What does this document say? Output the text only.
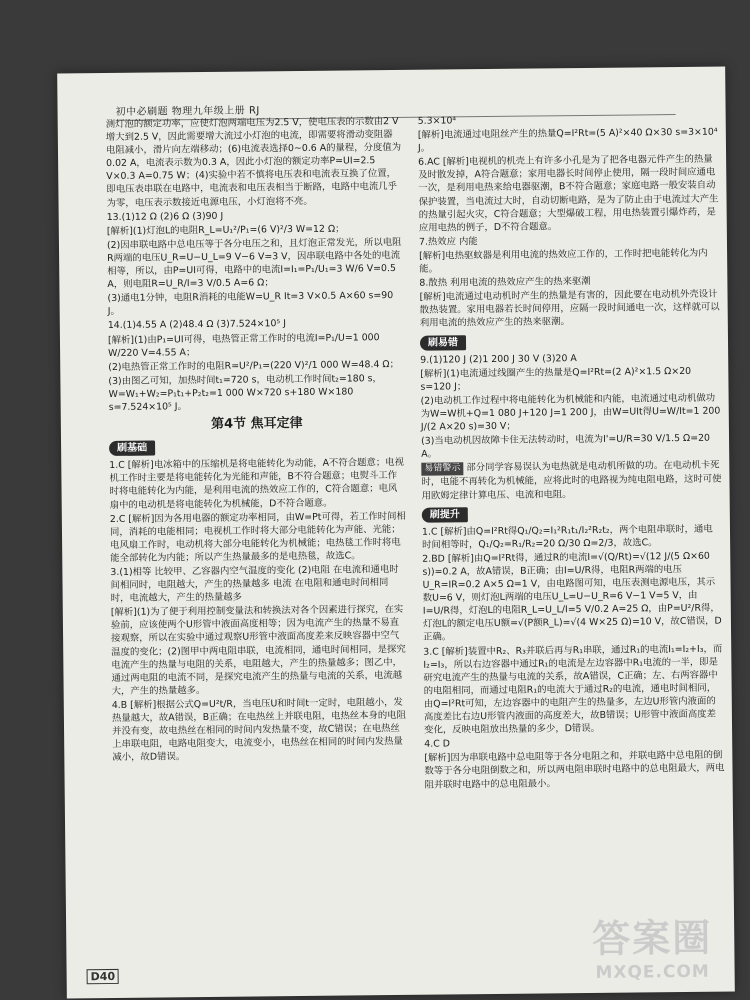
初中必刷题 物理九年级上册 RJ

测灯泡的额定功率，应使灯泡两端电压为2.5 V，使电压表的示数由2 V增大到2.5 V，因此需要增大流过小灯泡的电流，即需要将滑动变阻器电阻减小，滑片向左端移动；(6)电流表选择0~0.6 A的量程，分度值为0.02 A，电流表示数为0.3 A，因此小灯泡的额定功率P=UI=2.5 V×0.3 A=0.75 W；(4)实验中若不慎将电压表和电流表互换了位置，即电压表串联在电路中，电流表和电压表相当于断路，电路中电流几乎为零，电压表示数接近电源电压，小灯泡将不亮。

13.(1)12 Ω (2)6 Ω (3)90 J

[解析](1)灯泡L的电阻R_L=U₁²/P₁=(6 V)²/3 W=12 Ω；

(2)因串联电路中总电压等于各分电压之和，且灯泡正常发光，所以电阻R两端的电压U_R=U−U_L=9 V−6 V=3 V，因串联电路中各处的电流相等，所以，由P=UI可得，电路中的电流I=I₁=P₁/U₁=3 W/6 V=0.5 A，则电阻R=U_R/I=3 V/0.5 A=6 Ω；

(3)通电1分钟，电阻R消耗的电能W=U_R It=3 V×0.5 A×60 s=90 J。

14.(1)4.55 A (2)48.4 Ω (3)7.524×10⁵ J

[解析](1)由P₁=UI可得，电热管正常工作时的电流I=P₁/U=1 000 W/220 V=4.55 A；

(2)电热管正常工作时的电阻R=U²/P₁=(220 V)²/1 000 W=48.4 Ω；

(3)由图乙可知，加热时间t₁=720 s，电动机工作时间t₂=180 s，W=W₁+W₂=P₁t₁+P₂t₂=1 000 W×720 s+180 W×180 s=7.524×10⁵ J。

第4节 焦耳定律
刷基础

1.C [解析]电冰箱中的压缩机是将电能转化为动能，A不符合题意；电视机工作时主要是将电能转化为光能和声能，B不符合题意；电熨斗工作时将电能转化为内能，是利用电流的热效应工作的，C符合题意；电风扇中的电动机是将电能转化为机械能，D不符合题意。

2.C [解析]因为各用电器的额定功率相同，由W=Pt可得，若工作时间相同，消耗的电能相同；电视机工作时将大部分电能转化为声能、光能；电风扇工作时，电动机将大部分电能转化为机械能；电热毯工作时将电能全部转化为内能；所以产生热量最多的是电热毯，故选C。

3.(1)相等 比较甲、乙容器内空气温度的变化 (2)电阻 在电流和通电时间相同时，电阻越大，产生的热量越多 电流 在电阻和通电时间相同时，电流越大，产生的热量越多

[解析](1)为了便于利用控制变量法和转换法对各个因素进行探究，在实验前，应该使两个U形管中液面高度相等；因为电流产生的热量不易直接观察，所以在实验中通过观察U形管中液面高度差来反映容器中空气温度的变化；(2)图甲中两电阻串联，电流相同，通电时间相同，是探究电流产生的热量与电阻的关系，电阻越大，产生的热量越多；图乙中，通过两电阻的电流不同，是探究电流产生的热量与电流的关系，电流越大，产生的热量越多。

4.B [解析]根据公式Q=U²t/R，当电压U和时间t一定时，电阻越小，发热量越大，故A错误，B正确；在电热丝上并联电阻，电热丝本身的电阻并没有变，故电热丝在相同的时间内发热量不变，故C错误；在电热丝上串联电阻，电路电阻变大，电流变小，电热丝在相同的时间内发热量减小，故D错误。

5.3×10⁴

[解析]电流通过电阻丝产生的热量Q=I²Rt=(5 A)²×40 Ω×30 s=3×10⁴ J。

6.AC [解析]电视机的机壳上有许多小孔是为了把各电器元件产生的热量及时散发掉，A符合题意；家用电器长时间停止使用，隔一段时间应通电一次，是利用电热来给电器驱潮，B不符合题意；家庭电路一般安装自动保护装置，当电流过大时，自动切断电路，是为了防止由于电流过大产生的热量引起火灾，C符合题意；大型爆破工程，用电热装置引爆炸药，是应用电热的例子，D不符合题意。

7.热效应 内能

[解析]电热驱蚊器是利用电流的热效应工作的，工作时把电能转化为内能。

8.散热 利用电流的热效应产生的热来驱潮

[解析]电流通过电动机时产生的热量是有害的，因此要在电动机外壳设计散热装置。家用电器若长时间停用，应隔一段时间通电一次，这样就可以利用电流的热效应产生的热来驱潮。

刷易错

9.(1)120 J (2)1 200 J 30 V (3)20 A

[解析](1)电流通过线圈产生的热量是Q=I²Rt=(2 A)²×1.5 Ω×20 s=120 J；

(2)电动机工作过程中将电能转化为机械能和内能，电流通过电动机做功为W=W机+Q=1 080 J+120 J=1 200 J，由W=UIt得U=W/It=1 200 J/(2 A×20 s)=30 V；

(3)当电动机因故障卡住无法转动时，电流为I'=U/R=30 V/1.5 Ω=20 A。

易错警示 部分同学容易误认为电热就是电动机所做的功。在电动机卡死时，电能不再转化为机械能，应将此时的电路视为纯电阻电路，这时可使用欧姆定律计算电压、电流和电阻。

刷提升

1.C [解析]由Q=I²Rt得Q₁/Q₂=I₁²R₁t₁/I₂²R₂t₂，两个电阻串联时，通电时间相等时，Q₁/Q₂=R₁/R₂=20 Ω/30 Ω=2/3，故选C。

2.BD [解析]由Q=I²Rt得，通过R的电流I=√(Q/Rt)=√(12 J/(5 Ω×60 s))=0.2 A，故A错误，B正确；由I=U/R得，电阻R两端的电压U_R=IR=0.2 A×5 Ω=1 V，由电路图可知，电压表测电源电压，其示数U=6 V，则灯泡L两端的电压U_L=U−U_R=6 V−1 V=5 V，由I=U/R得，灯泡L的电阻R_L=U_L/I=5 V/0.2 A=25 Ω，由P=U²/R得，灯泡L的额定电压U额=√(P额R_L)=√(4 W×25 Ω)=10 V，故C错误，D正确。

3.C [解析]装置中R₂、R₃并联后再与R₁串联，通过R₁的电流I₁=I₂+I₃，而I₂=I₃，所以右边容器中通过R₁的电流是左边容器中R₁电流的一半，即是研究电流产生的热量与电流的关系，故A错误，C正确；左、右两容器中的电阻相同，而通过电阻R₁的电流大于通过R₂的电流，通电时间相同，由Q=I²Rt可知，左边容器中的电阻产生的热量多，左边U形管内液面的高度差比右边U形管内液面的高度差大，故B错误；U形管中液面高度差变化，反映电阻放出热量的多少，D错误。

4.C D

[解析]因为串联电路中总电阻等于各分电阻之和，并联电路中总电阻的倒数等于各分电阻倒数之和，所以两电阻串联时电路中的总电阻最大，两电阻并联时电路中的总电阻最小。

D40
答案圈
MXQE.COM
